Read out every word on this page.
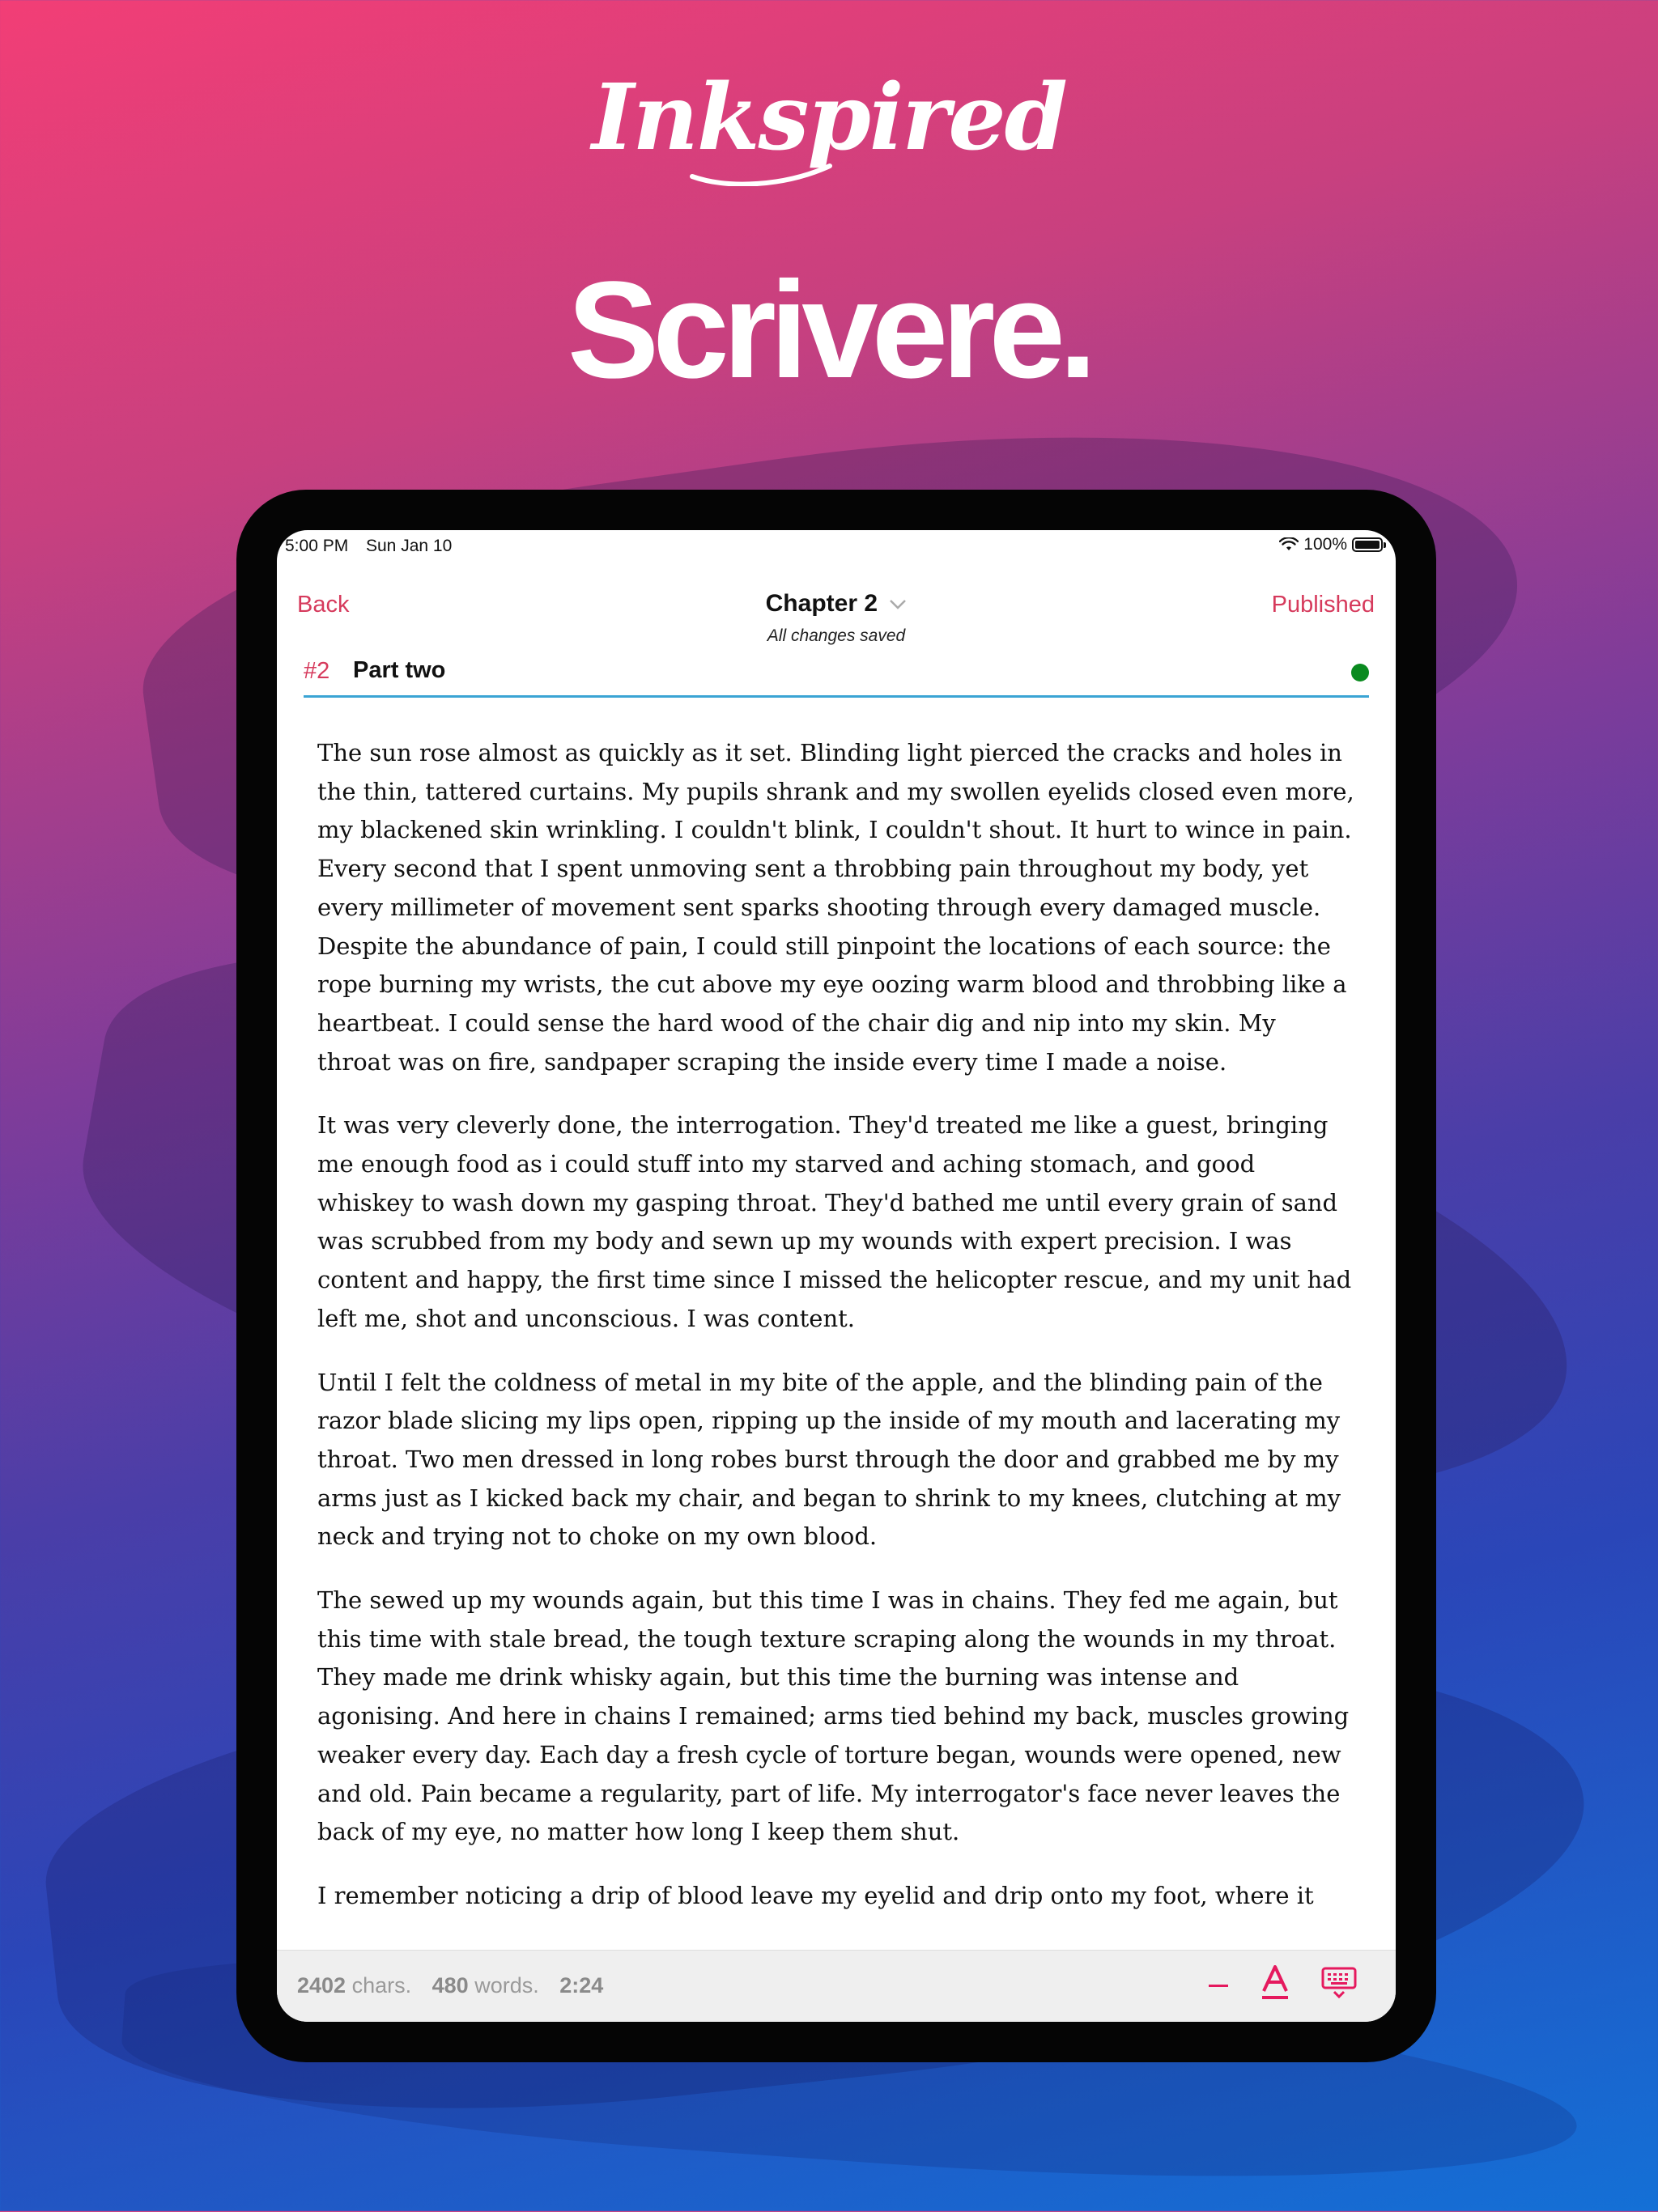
Inkspired
Scrivere.
5:00 PM Sun Jan 10	100%
Back	Chapter 2
All changes saved
Published
#2 Part two

The sun rose almost as quickly as it set. Blinding light pierced the cracks and holes in the thin, tattered curtains. My pupils shrank and my swollen eyelids closed even more, my blackened skin wrinkling. I couldn't blink, I couldn't shout. It hurt to wince in pain. Every second that I spent unmoving sent a throbbing pain throughout my body, yet every millimeter of movement sent sparks shooting through every damaged muscle. Despite the abundance of pain, I could still pinpoint the locations of each source: the rope burning my wrists, the cut above my eye oozing warm blood and throbbing like a heartbeat. I could sense the hard wood of the chair dig and nip into my skin. My throat was on fire, sandpaper scraping the inside every time I made a noise.

It was very cleverly done, the interrogation. They'd treated me like a guest, bringing me enough food as i could stuff into my starved and aching stomach, and good whiskey to wash down my gasping throat. They'd bathed me until every grain of sand was scrubbed from my body and sewn up my wounds with expert precision. I was content and happy, the first time since I missed the helicopter rescue, and my unit had left me, shot and unconscious. I was content.

Until I felt the coldness of metal in my bite of the apple, and the blinding pain of the razor blade slicing my lips open, ripping up the inside of my mouth and lacerating my throat. Two men dressed in long robes burst through the door and grabbed me by my arms just as I kicked back my chair, and began to shrink to my knees, clutching at my neck and trying not to choke on my own blood.

The sewed up my wounds again, but this time I was in chains. They fed me again, but this time with stale bread, the tough texture scraping along the wounds in my throat. They made me drink whisky again, but this time the burning was intense and agonising. And here in chains I remained; arms tied behind my back, muscles growing weaker every day. Each day a fresh cycle of torture began, wounds were opened, new and old. Pain became a regularity, part of life. My interrogator's face never leaves the back of my eye, no matter how long I keep them shut.

I remember noticing a drip of blood leave my eyelid and drip onto my foot, where it

2402 chars. 480 words. 2:24
